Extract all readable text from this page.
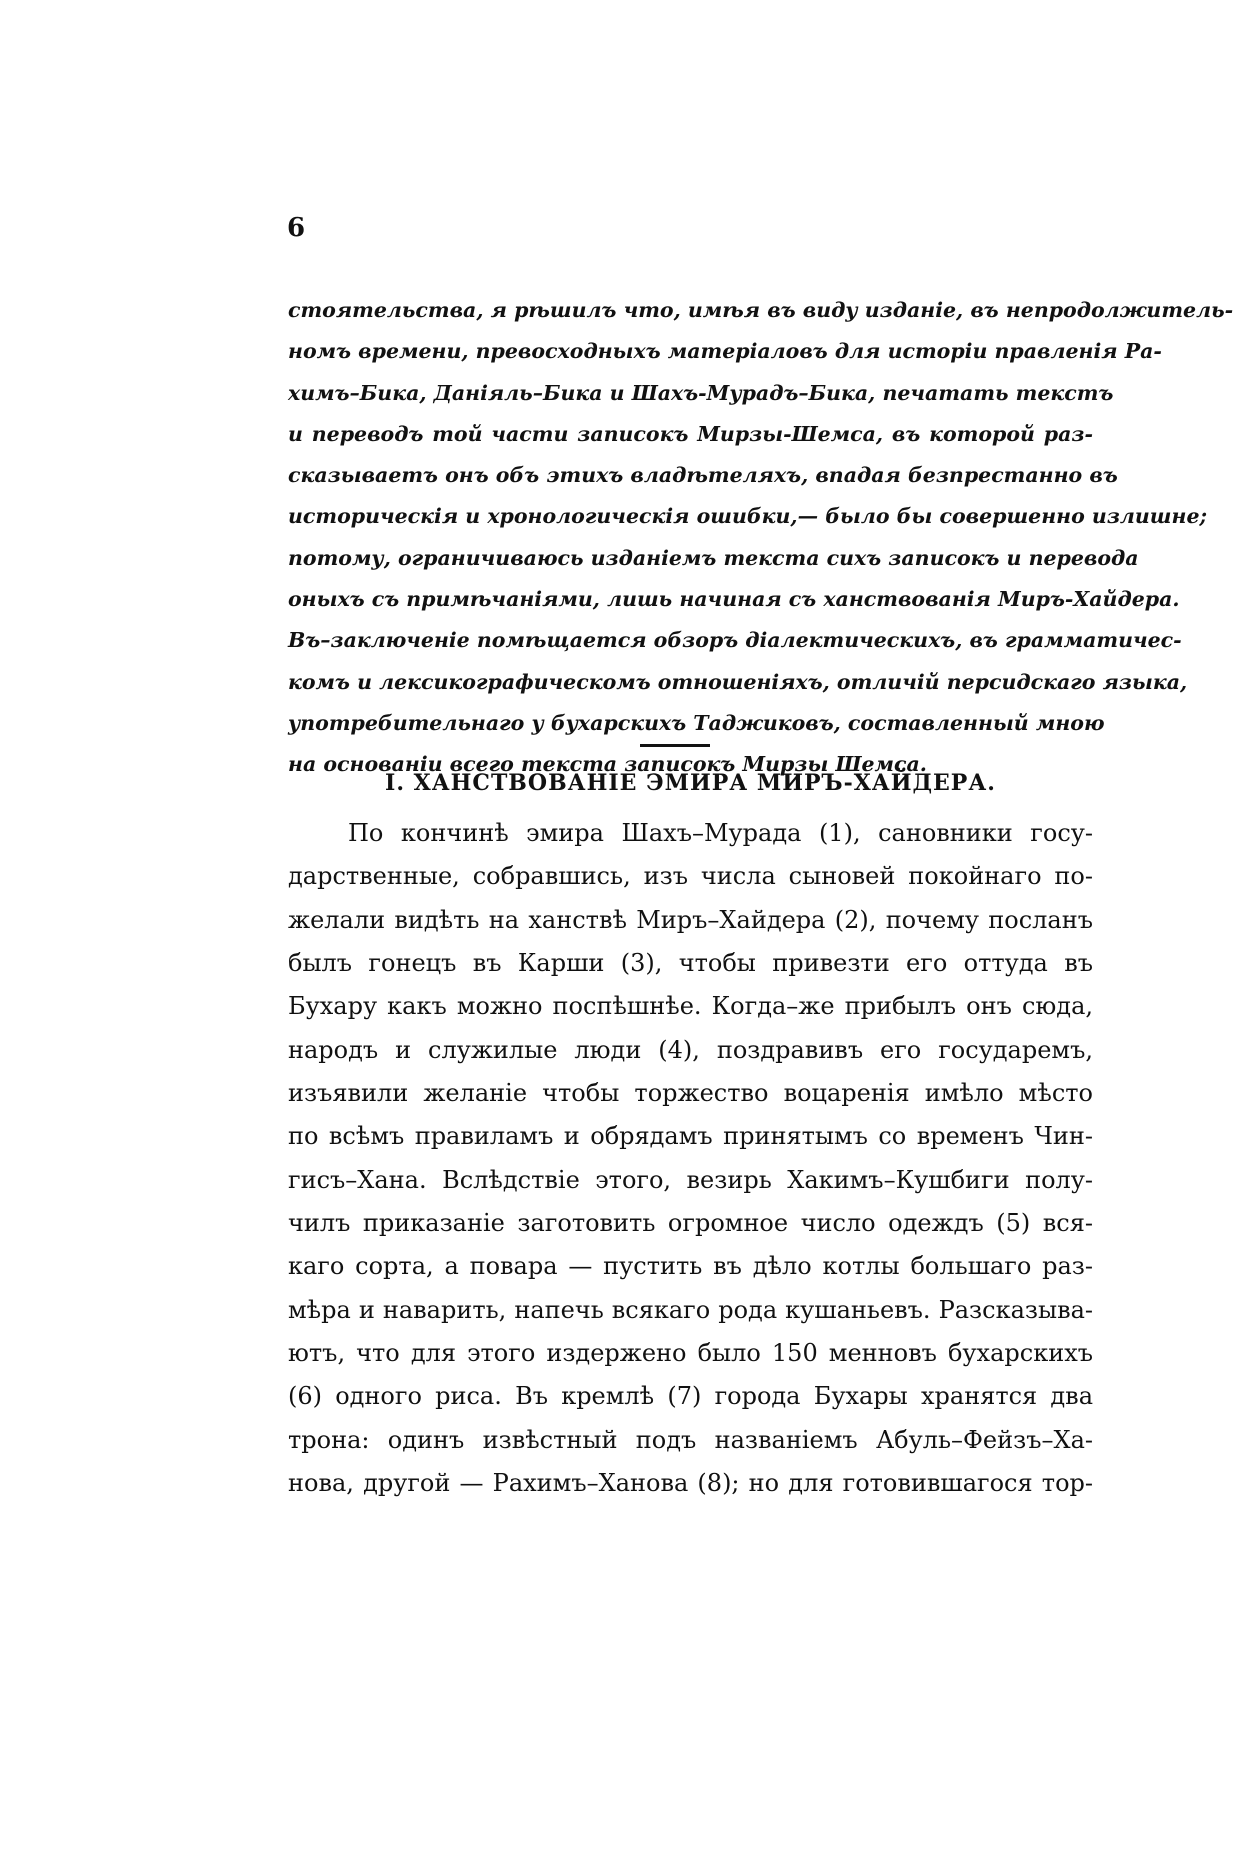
6
стоятельства, я рѣшилъ что, имѣя въ виду изданіе, въ непродолжитель-
номъ времени, превосходныхъ матеріаловъ для исторіи правленія Ра-
химъ–Бика, Даніяль–Бика и Шахъ-Мурадъ–Бика, печатать текстъ
и переводъ той части записокъ Мирзы-Шемса, въ которой раз-
сказываетъ онъ объ этихъ владѣтеляхъ, впадая безпрестанно въ
историческія и хронологическія ошибки,— было бы совершенно излишне;
потому, ограничиваюсь изданіемъ текста сихъ записокъ и перевода
оныхъ съ примѣчаніями, лишь начиная съ ханствованія Миръ-Хайдера.
Въ–заключеніе помѣщается обзоръ діалектическихъ, въ грамматичес-
комъ и лексикографическомъ отношеніяхъ, отличій персидскаго языка,
употребительнаго у бухарскихъ Таджиковъ, составленный мною
на основаніи всего текста записокъ Мирзы Шемса.
I. ХАНСТВОВАНІЕ ЭМИРА МИРЪ-ХАЙДЕРА.
По кончинѣ эмира Шахъ–Мурада (1), сановники госу-
дарственные, собравшись, изъ числа сыновей покойнаго по-
желали видѣть на ханствѣ Миръ–Хайдера (2), почему посланъ
былъ гонецъ въ Карши (3), чтобы привезти его оттуда въ
Бухару какъ можно поспѣшнѣе. Когда–же прибылъ онъ сюда,
народъ и служилые люди (4), поздравивъ его государемъ,
изъявили желаніе чтобы торжество воцаренія имѣло мѣсто
по всѣмъ правиламъ и обрядамъ принятымъ со временъ Чин-
гисъ–Хана. Вслѣдствіе этого, везирь Хакимъ–Кушбиги полу-
чилъ приказаніе заготовить огромное число одеждъ (5) вся-
каго сорта, а повара — пустить въ дѣло котлы большаго раз-
мѣра и наварить, напечь всякаго рода кушаньевъ. Разсказыва-
ютъ, что для этого издержено было 150 менновъ бухарскихъ
(6) одного риса. Въ кремлѣ (7) города Бухары хранятся два
трона: одинъ извѣстный подъ названіемъ Абуль–Фейзъ–Ха-
нова, другой — Рахимъ–Ханова (8); но для готовившагося тор-
